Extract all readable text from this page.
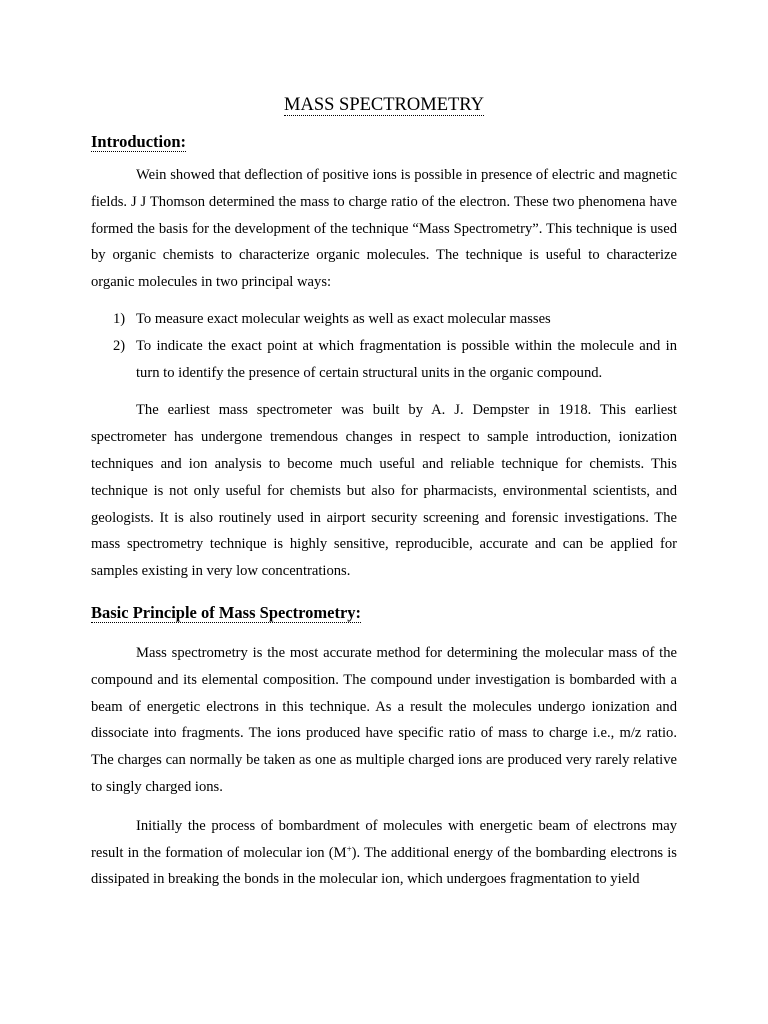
MASS SPECTROMETRY
Introduction:

Wein showed that deflection of positive ions is possible in presence of electric and magnetic fields. J J Thomson determined the mass to charge ratio of the electron. These two phenomena have formed the basis for the development of the technique “Mass Spectrometry”. This technique is used by organic chemists to characterize organic molecules. The technique is useful to characterize organic molecules in two principal ways:

1) To measure exact molecular weights as well as exact molecular masses
2) To indicate the exact point at which fragmentation is possible within the molecule and in turn to identify the presence of certain structural units in the organic compound.

The earliest mass spectrometer was built by A. J. Dempster in 1918. This earliest spectrometer has undergone tremendous changes in respect to sample introduction, ionization techniques and ion analysis to become much useful and reliable technique for chemists. This technique is not only useful for chemists but also for pharmacists, environmental scientists, and geologists. It is also routinely used in airport security screening and forensic investigations. The mass spectrometry technique is highly sensitive, reproducible, accurate and can be applied for samples existing in very low concentrations.

Basic Principle of Mass Spectrometry:

Mass spectrometry is the most accurate method for determining the molecular mass of the compound and its elemental composition. The compound under investigation is bombarded with a beam of energetic electrons in this technique. As a result the molecules undergo ionization and dissociate into fragments. The ions produced have specific ratio of mass to charge i.e., m/z ratio. The charges can normally be taken as one as multiple charged ions are produced very rarely relative to singly charged ions.

Initially the process of bombardment of molecules with energetic beam of electrons may result in the formation of molecular ion (M+). The additional energy of the bombarding electrons is dissipated in breaking the bonds in the molecular ion, which undergoes fragmentation to yield
